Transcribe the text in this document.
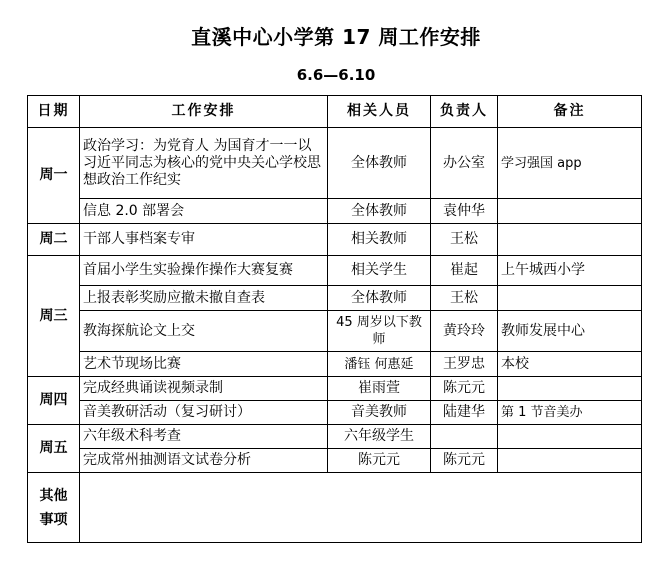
直溪中心小学第 17 周工作安排
6.6—6.10
日期	工作安排	相关人员	负责人	备注
周一	政治学习：为党育人 为国育才一一以习近平同志为核心的党中央关心学校思想政治工作纪实	全体教师	办公室	学习强国 app
	信息 2.0 部署会	全体教师	袁仲华	
周二	干部人事档案专审	相关教师	王松	
周三	首届小学生实验操作操作大赛复赛	相关学生	崔起	上午城西小学
	上报表彰奖励应撤未撤自查表	全体教师	王松	
	教海探航论文上交	45 周岁以下教师	黄玲玲	教师发展中心
	艺术节现场比赛	潘钰 何惠延	王罗忠	本校
周四	完成经典诵读视频录制	崔雨萱	陈元元	
	音美教研活动（复习研讨）	音美教师	陆建华	第 1 节音美办
周五	六年级术科考查	六年级学生		
	完成常州抽测语文试卷分析	陈元元	陈元元	

其他
事项				
